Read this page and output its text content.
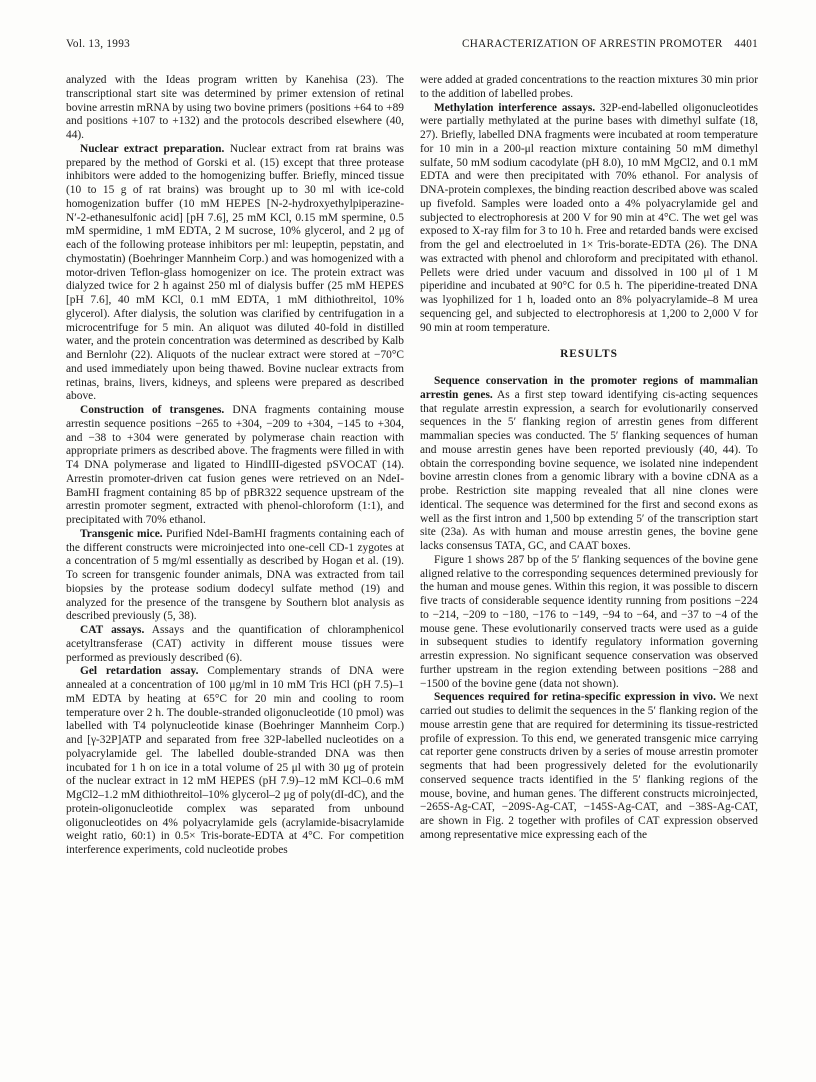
Vol. 13, 1993	CHARACTERIZATION OF ARRESTIN PROMOTER 4401

analyzed with the Ideas program written by Kanehisa (23). The transcriptional start site was determined by primer extension of retinal bovine arrestin mRNA by using two bovine primers (positions +64 to +89 and positions +107 to +132) and the protocols described elsewhere (40, 44).

Nuclear extract preparation. Nuclear extract from rat brains was prepared by the method of Gorski et al. (15) except that three protease inhibitors were added to the homogenizing buffer. Briefly, minced tissue (10 to 15 g of rat brains) was brought up to 30 ml with ice-cold homogenization buffer (10 mM HEPES [N-2-hydroxyethylpiperazine-N′-2-ethanesulfonic acid] [pH 7.6], 25 mM KCl, 0.15 mM spermine, 0.5 mM spermidine, 1 mM EDTA, 2 M sucrose, 10% glycerol, and 2 μg of each of the following protease inhibitors per ml: leupeptin, pepstatin, and chymostatin) (Boehringer Mannheim Corp.) and was homogenized with a motor-driven Teflon-glass homogenizer on ice. The protein extract was dialyzed twice for 2 h against 250 ml of dialysis buffer (25 mM HEPES [pH 7.6], 40 mM KCl, 0.1 mM EDTA, 1 mM dithiothreitol, 10% glycerol). After dialysis, the solution was clarified by centrifugation in a microcentrifuge for 5 min. An aliquot was diluted 40-fold in distilled water, and the protein concentration was determined as described by Kalb and Bernlohr (22). Aliquots of the nuclear extract were stored at −70°C and used immediately upon being thawed. Bovine nuclear extracts from retinas, brains, livers, kidneys, and spleens were prepared as described above.

Construction of transgenes. DNA fragments containing mouse arrestin sequence positions −265 to +304, −209 to +304, −145 to +304, and −38 to +304 were generated by polymerase chain reaction with appropriate primers as described above. The fragments were filled in with T4 DNA polymerase and ligated to HindIII-digested pSVOCAT (14). Arrestin promoter-driven cat fusion genes were retrieved on an NdeI-BamHI fragment containing 85 bp of pBR322 sequence upstream of the arrestin promoter segment, extracted with phenol-chloroform (1:1), and precipitated with 70% ethanol.

Transgenic mice. Purified NdeI-BamHI fragments containing each of the different constructs were microinjected into one-cell CD-1 zygotes at a concentration of 5 mg/ml essentially as described by Hogan et al. (19). To screen for transgenic founder animals, DNA was extracted from tail biopsies by the protease sodium dodecyl sulfate method (19) and analyzed for the presence of the transgene by Southern blot analysis as described previously (5, 38).

CAT assays. Assays and the quantification of chloramphenicol acetyltransferase (CAT) activity in different mouse tissues were performed as previously described (6).

Gel retardation assay. Complementary strands of DNA were annealed at a concentration of 100 μg/ml in 10 mM Tris HCl (pH 7.5)–1 mM EDTA by heating at 65°C for 20 min and cooling to room temperature over 2 h. The double-stranded oligonucleotide (10 pmol) was labelled with T4 polynucleotide kinase (Boehringer Mannheim Corp.) and [γ-32P]ATP and separated from free 32P-labelled nucleotides on a polyacrylamide gel. The labelled double-stranded DNA was then incubated for 1 h on ice in a total volume of 25 μl with 30 μg of protein of the nuclear extract in 12 mM HEPES (pH 7.9)–12 mM KCl–0.6 mM MgCl2–1.2 mM dithiothreitol–10% glycerol–2 μg of poly(dI-dC), and the protein-oligonucleotide complex was separated from unbound oligonucleotides on 4% polyacrylamide gels (acrylamide-bisacrylamide weight ratio, 60:1) in 0.5× Tris-borate-EDTA at 4°C. For competition interference experiments, cold nucleotide probes

were added at graded concentrations to the reaction mixtures 30 min prior to the addition of labelled probes.

Methylation interference assays. 32P-end-labelled oligonucleotides were partially methylated at the purine bases with dimethyl sulfate (18, 27). Briefly, labelled DNA fragments were incubated at room temperature for 10 min in a 200-μl reaction mixture containing 50 mM dimethyl sulfate, 50 mM sodium cacodylate (pH 8.0), 10 mM MgCl2, and 0.1 mM EDTA and were then precipitated with 70% ethanol. For analysis of DNA-protein complexes, the binding reaction described above was scaled up fivefold. Samples were loaded onto a 4% polyacrylamide gel and subjected to electrophoresis at 200 V for 90 min at 4°C. The wet gel was exposed to X-ray film for 3 to 10 h. Free and retarded bands were excised from the gel and electroeluted in 1× Tris-borate-EDTA (26). The DNA was extracted with phenol and chloroform and precipitated with ethanol. Pellets were dried under vacuum and dissolved in 100 μl of 1 M piperidine and incubated at 90°C for 0.5 h. The piperidine-treated DNA was lyophilized for 1 h, loaded onto an 8% polyacrylamide–8 M urea sequencing gel, and subjected to electrophoresis at 1,200 to 2,000 V for 90 min at room temperature.

RESULTS

Sequence conservation in the promoter regions of mammalian arrestin genes. As a first step toward identifying cis-acting sequences that regulate arrestin expression, a search for evolutionarily conserved sequences in the 5′ flanking region of arrestin genes from different mammalian species was conducted. The 5′ flanking sequences of human and mouse arrestin genes have been reported previously (40, 44). To obtain the corresponding bovine sequence, we isolated nine independent bovine arrestin clones from a genomic library with a bovine cDNA as a probe. Restriction site mapping revealed that all nine clones were identical. The sequence was determined for the first and second exons as well as the first intron and 1,500 bp extending 5′ of the transcription start site (23a). As with human and mouse arrestin genes, the bovine gene lacks consensus TATA, GC, and CAAT boxes.

Figure 1 shows 287 bp of the 5′ flanking sequences of the bovine gene aligned relative to the corresponding sequences determined previously for the human and mouse genes. Within this region, it was possible to discern five tracts of considerable sequence identity running from positions −224 to −214, −209 to −180, −176 to −149, −94 to −64, and −37 to −4 of the mouse gene. These evolutionarily conserved tracts were used as a guide in subsequent studies to identify regulatory information governing arrestin expression. No significant sequence conservation was observed further upstream in the region extending between positions −288 and −1500 of the bovine gene (data not shown).

Sequences required for retina-specific expression in vivo. We next carried out studies to delimit the sequences in the 5′ flanking region of the mouse arrestin gene that are required for determining its tissue-restricted profile of expression. To this end, we generated transgenic mice carrying cat reporter gene constructs driven by a series of mouse arrestin promoter segments that had been progressively deleted for the evolutionarily conserved sequence tracts identified in the 5′ flanking regions of the mouse, bovine, and human genes. The different constructs microinjected, −265S-Ag-CAT, −209S-Ag-CAT, −145S-Ag-CAT, and −38S-Ag-CAT, are shown in Fig. 2 together with profiles of CAT expression observed among representative mice expressing each of the
